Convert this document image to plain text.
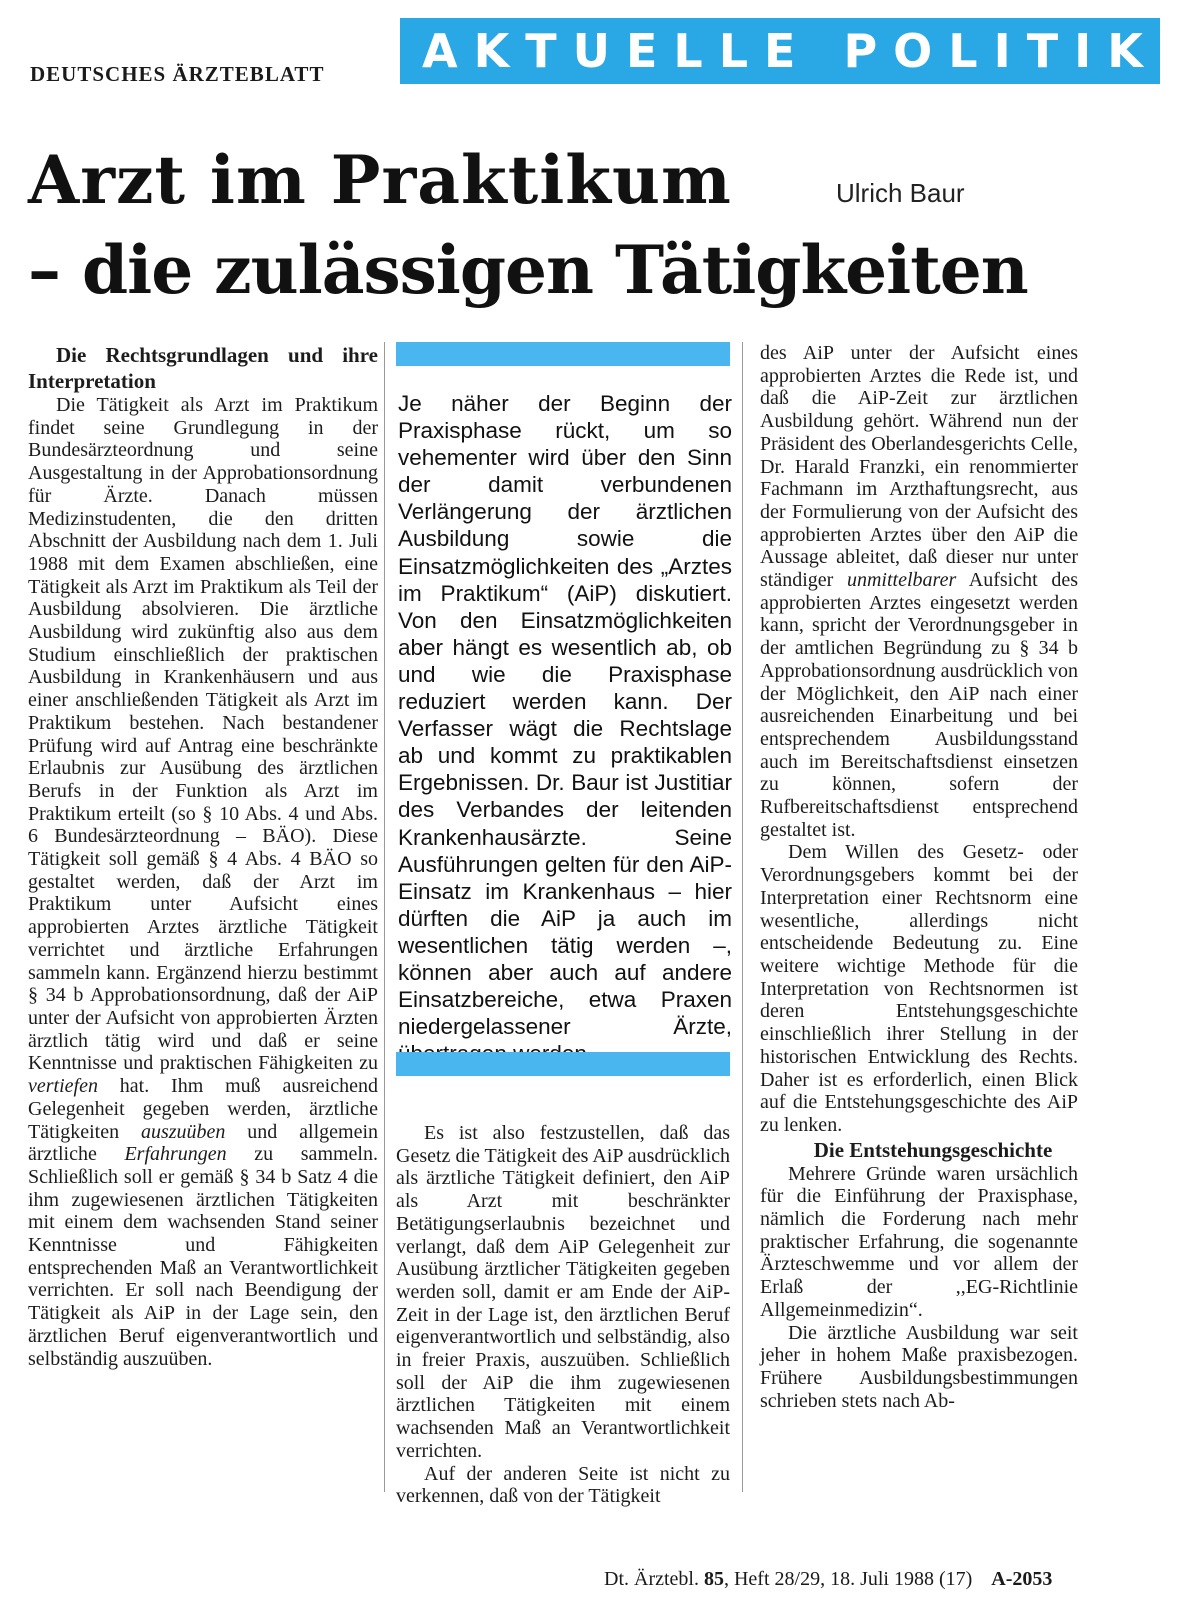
DEUTSCHES ÄRZTEBLATT	AKTUELLE POLITIK
Arzt im Praktikum
– die zulässigen Tätigkeiten
Ulrich Baur

Die Rechtsgrundlagen und ihre Interpretation

Die Tätigkeit als Arzt im Praktikum findet seine Grundlegung in der Bundesärzteordnung und seine Ausgestaltung in der Approbationsordnung für Ärzte. Danach müssen Medizinstudenten, die den dritten Abschnitt der Ausbildung nach dem 1. Juli 1988 mit dem Examen abschließen, eine Tätigkeit als Arzt im Praktikum als Teil der Ausbildung absolvieren. Die ärztliche Ausbildung wird zukünftig also aus dem Studium einschließlich der praktischen Ausbildung in Krankenhäusern und aus einer anschließenden Tätigkeit als Arzt im Praktikum bestehen. Nach bestandener Prüfung wird auf Antrag eine beschränkte Erlaubnis zur Ausübung des ärztlichen Berufs in der Funktion als Arzt im Praktikum erteilt (so § 10 Abs. 4 und Abs. 6 Bundesärzteordnung – BÄO). Diese Tätigkeit soll gemäß § 4 Abs. 4 BÄO so gestaltet werden, daß der Arzt im Praktikum unter Aufsicht eines approbierten Arztes ärztliche Tätigkeit verrichtet und ärztliche Erfahrungen sammeln kann. Ergänzend hierzu bestimmt § 34 b Approbationsordnung, daß der AiP unter der Aufsicht von approbierten Ärzten ärztlich tätig wird und daß er seine Kenntnisse und praktischen Fähigkeiten zu vertiefen hat. Ihm muß ausreichend Gelegenheit gegeben werden, ärztliche Tätigkeiten auszuüben und allgemein ärztliche Erfahrungen zu sammeln. Schließlich soll er gemäß § 34 b Satz 4 die ihm zugewiesenen ärztlichen Tätigkeiten mit einem dem wachsenden Stand seiner Kenntnisse und Fähigkeiten entsprechenden Maß an Verantwortlichkeit verrichten. Er soll nach Beendigung der Tätigkeit als AiP in der Lage sein, den ärztlichen Beruf eigenverantwortlich und selbständig auszuüben.

Je näher der Beginn der Praxisphase rückt, um so vehementer wird über den Sinn der damit verbundenen Verlängerung der ärztlichen Ausbildung sowie die Einsatzmöglichkeiten des „Arztes im Praktikum“ (AiP) diskutiert. Von den Einsatzmöglichkeiten aber hängt es wesentlich ab, ob und wie die Praxisphase reduziert werden kann. Der Verfasser wägt die Rechtslage ab und kommt zu praktikablen Ergebnissen. Dr. Baur ist Justitiar des Verbandes der leitenden Krankenhausärzte. Seine Ausführungen gelten für den AiP-Einsatz im Krankenhaus – hier dürften die AiP ja auch im wesentlichen tätig werden –, können aber auch auf andere Einsatzbereiche, etwa Praxen niedergelassener Ärzte,

Es ist also festzustellen, daß das Gesetz die Tätigkeit des AiP ausdrücklich als ärztliche Tätigkeit definiert, den AiP als Arzt mit beschränkter Betätigungserlaubnis bezeichnet und verlangt, daß dem AiP Gelegenheit zur Ausübung ärztlicher Tätigkeiten gegeben werden soll, damit er am Ende der AiP-Zeit in der Lage ist, den ärztlichen Beruf eigenverantwortlich und selbständig, also in freier Praxis, auszuüben. Schließlich soll der AiP die ihm zugewiesenen ärztlichen Tätigkeiten mit einem wachsenden Maß an Verantwortlichkeit verrichten.

Auf der anderen Seite ist nicht zu verkennen, daß von der Tätigkeit

des AiP unter der Aufsicht eines approbierten Arztes die Rede ist, und daß die AiP-Zeit zur ärztlichen Ausbildung gehört. Während nun der Präsident des Oberlandesgerichts Celle, Dr. Harald Franzki, ein renommierter Fachmann im Arzthaftungsrecht, aus der Formulierung von der Aufsicht des approbierten Arztes über den AiP die Aussage ableitet, daß dieser nur unter ständiger unmittelbarer Aufsicht des approbierten Arztes eingesetzt werden kann, spricht der Verordnungsgeber in der amtlichen Begründung zu § 34 b Approbationsordnung ausdrücklich von der Möglichkeit, den AiP nach einer ausreichenden Einarbeitung und bei entsprechendem Ausbildungsstand auch im Bereitschaftsdienst einsetzen zu können, sofern der Rufbereitschaftsdienst entsprechend gestaltet ist.

Dem Willen des Gesetz- oder Verordnungsgebers kommt bei der Interpretation einer Rechtsnorm eine wesentliche, allerdings nicht entscheidende Bedeutung zu. Eine weitere wichtige Methode für die Interpretation von Rechtsnormen ist deren Entstehungsgeschichte einschließlich ihrer Stellung in der historischen Entwicklung des Rechts. Daher ist es erforderlich, einen Blick auf die Entstehungsgeschichte des AiP zu lenken.

Die Entstehungsgeschichte

Mehrere Gründe waren ursächlich für die Einführung der Praxisphase, nämlich die Forderung nach mehr praktischer Erfahrung, die sogenannte Ärzteschwemme und vor allem der Erlaß der ,,EG-Richtlinie Allgemeinmedizin“.

Die ärztliche Ausbildung war seit jeher in hohem Maße praxisbezogen. Frühere Ausbildungsbestimmungen schrieben stets nach Ab-

Dt. Ärztebl. 85, Heft 28/29, 18. Juli 1988 (17) A-2053
